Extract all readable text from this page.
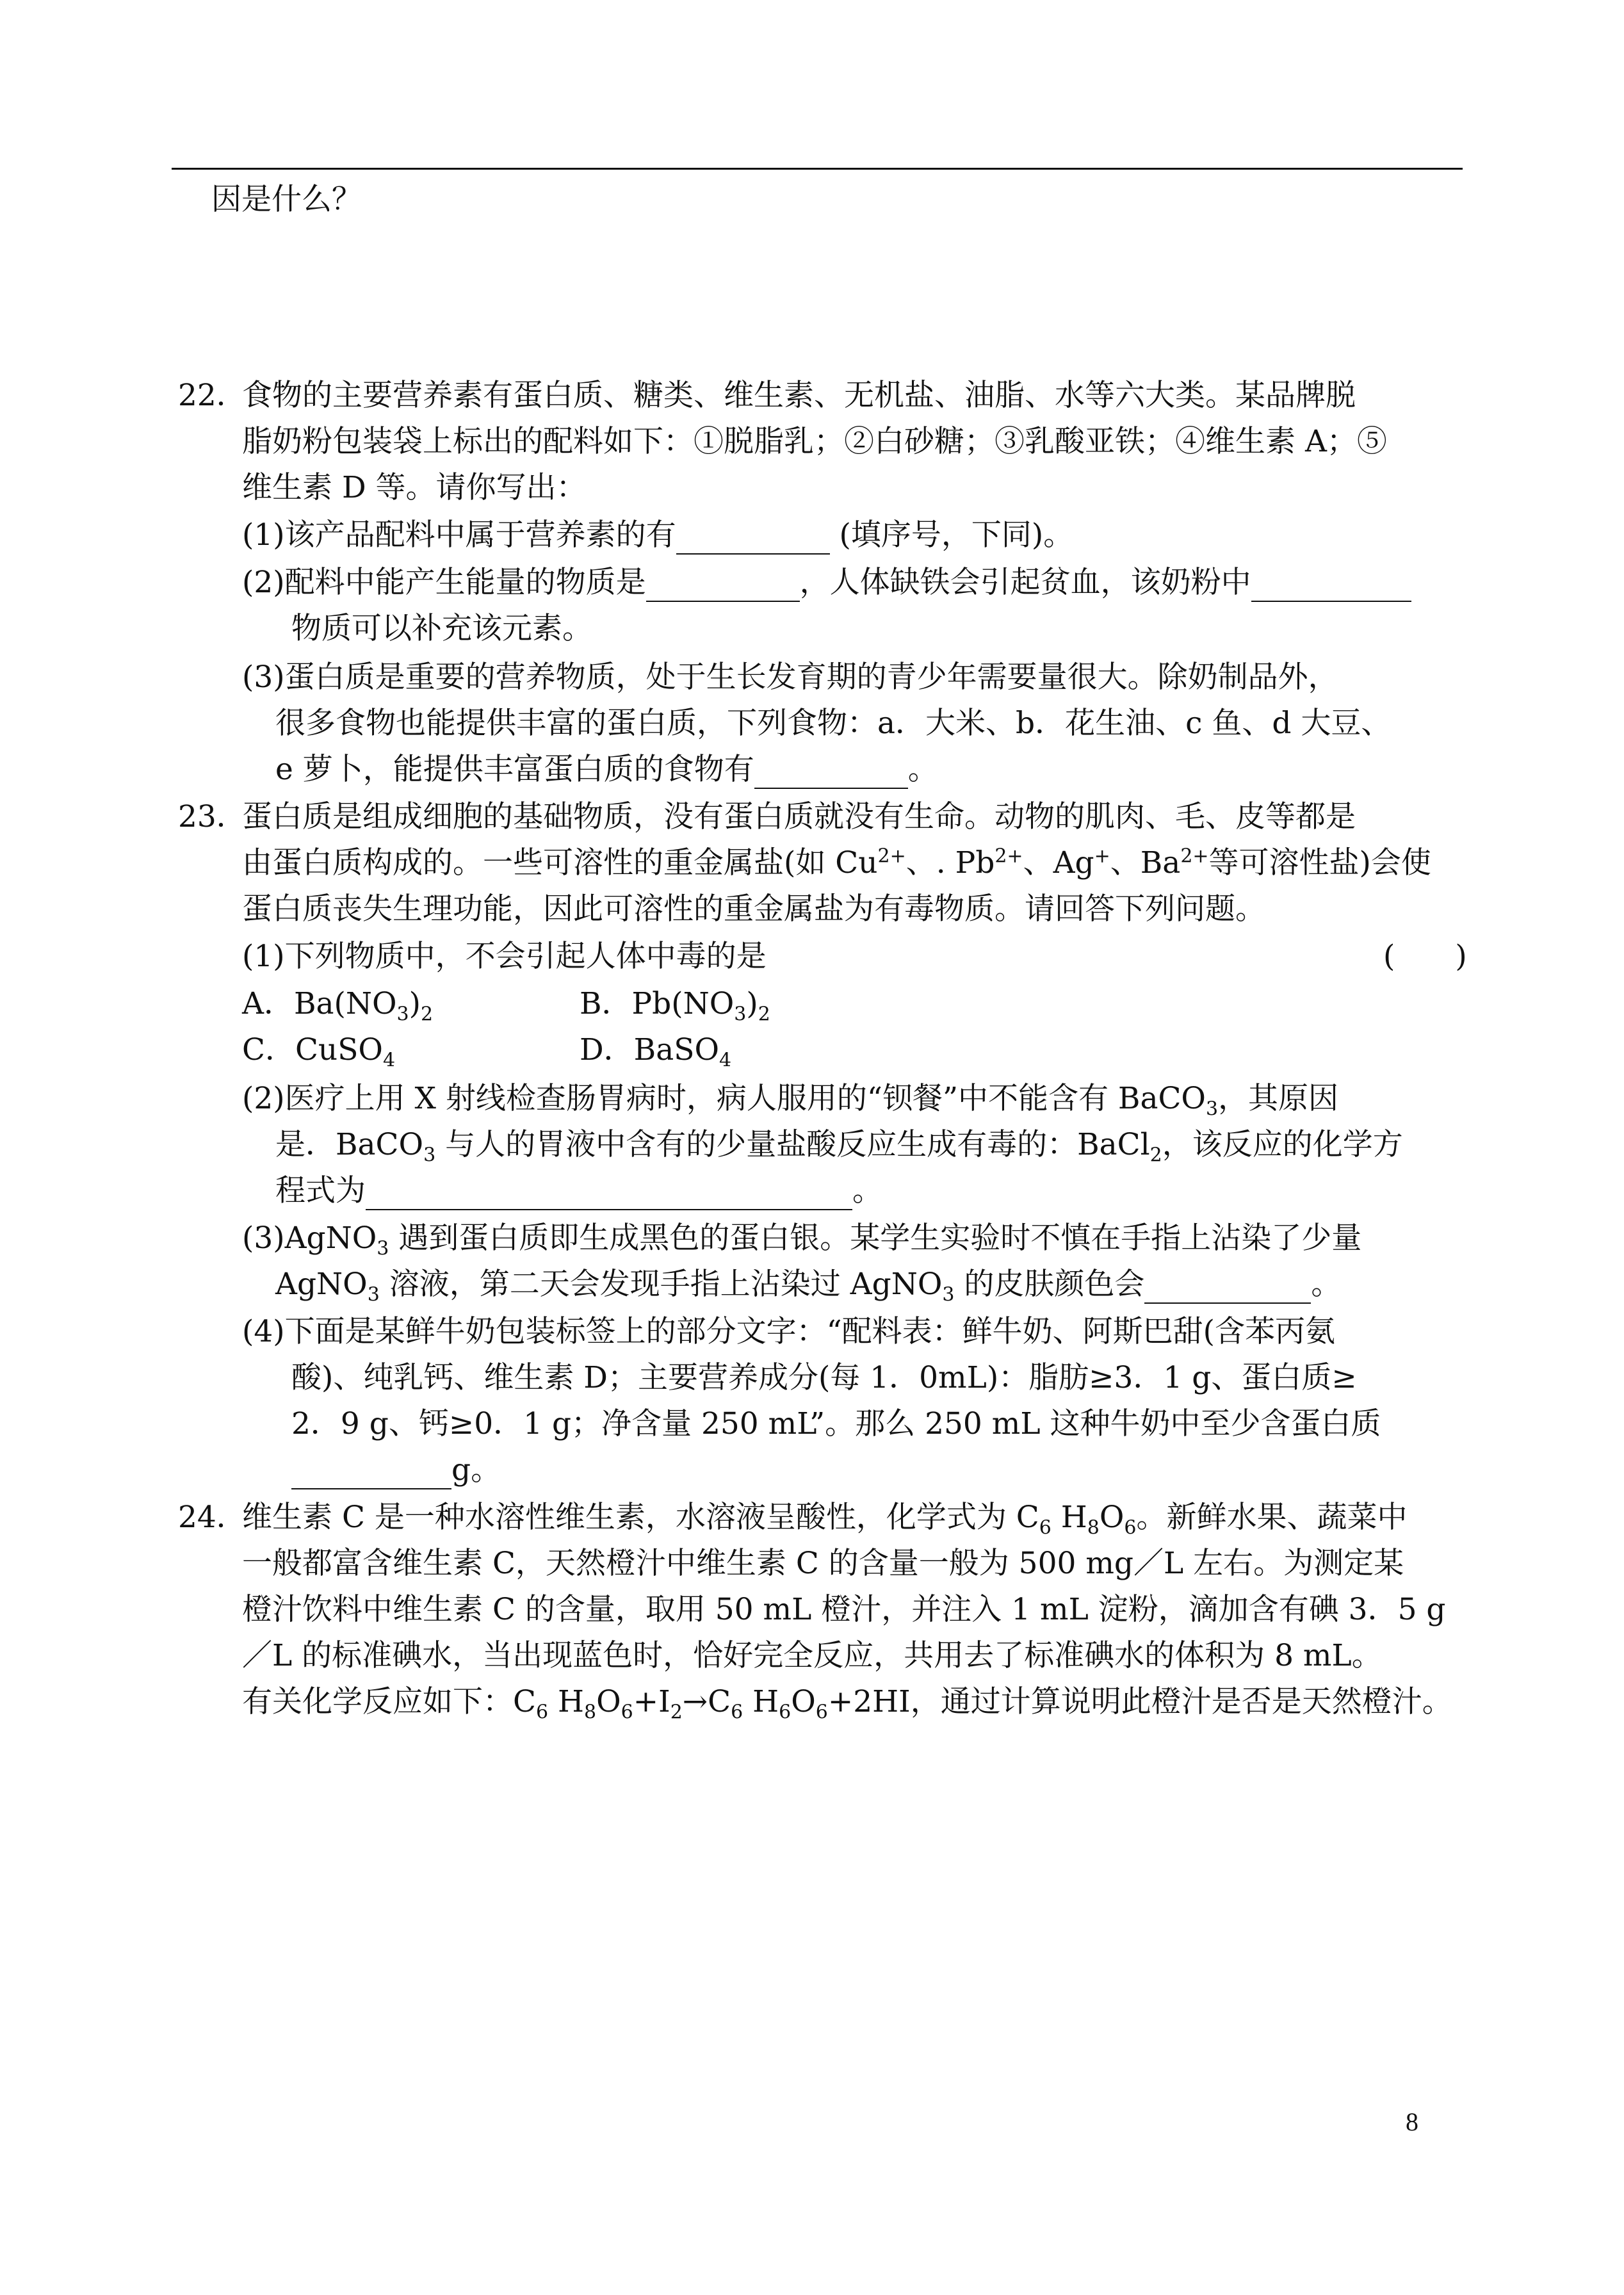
因是什么？
22．
食物的主要营养素有蛋白质、糖类、维生素、无机盐、油脂、水等六大类。某品牌脱
脂奶粉包装袋上标出的配料如下：①脱脂乳；②白砂糖；③乳酸亚铁；④维生素 A；⑤
维生素 D 等。请你写出：
(1)该产品配料中属于营养素的有	(填序号，下同)。
(2)配料中能产生能量的物质是	，人体缺铁会引起贫血，该奶粉中
物质可以补充该元素。
(3)蛋白质是重要的营养物质，处于生长发育期的青少年需要量很大。除奶制品外，
很多食物也能提供丰富的蛋白质，下列食物：a．大米、b．花生油、c 鱼、d 大豆、
e 萝卜，能提供丰富蛋白质的食物有	。
23．
蛋白质是组成细胞的基础物质，没有蛋白质就没有生命。动物的肌肉、毛、皮等都是
由蛋白质构成的。一些可溶性的重金属盐(如 $Cu^{2+}$、. $Pb^{2+}$、Ag+、$Ba^{2+}$等可溶性盐)会使
蛋白质丧失生理功能，因此可溶性的重金属盐为有毒物质。请回答下列问题。
(1)下列物质中，不会引起人体中毒的是	(　　)
A．$Ba(NO_3)_2$	B．$Pb(NO_3)_2$
C．CuSO$_4$	D．BaSO$_4$
(2)医疗上用 X 射线检查肠胃病时，病人服用的“钡餐”中不能含有 BaCO$_3$，其原因
是．BaCO$_3$ 与人的胃液中含有的少量盐酸反应生成有毒的：BaCl$_2$，该反应的化学方
程式为	。
(3)AgNO$_3$ 遇到蛋白质即生成黑色的蛋白银。某学生实验时不慎在手指上沾染了少量
AgNO$_3$ 溶液，第二天会发现手指上沾染过 AgNO$_3$ 的皮肤颜色会	。
(4)下面是某鲜牛奶包装标签上的部分文字：“配料表：鲜牛奶、阿斯巴甜(含苯丙氨
酸)、纯乳钙、维生素 D；主要营养成分(每 1．0mL)：脂肪≥3．1 g、蛋白质≥
2．9 g、钙≥0．1 g；净含量 250 mL”。那么 250 mL 这种牛奶中至少含蛋白质
g。
24．
维生素 C 是一种水溶性维生素，水溶液呈酸性，化学式为 $C_6$ $H_8O_6$。新鲜水果、蔬菜中
一般都富含维生素 C，天然橙汁中维生素 C 的含量一般为 500 mg／L 左右。为测定某
橙汁饮料中维生素 C 的含量，取用 50 mL 橙汁，并注入 1 mL 淀粉，滴加含有碘 3．5 g
／L 的标准碘水，当出现蓝色时，恰好完全反应，共用去了标准碘水的体积为 8 mL。
有关化学反应如下：$C_6$ $H_8O_6+I_2\to C_6$ $H_6O_6+2HI$，通过计算说明此橙汁是否是天然橙汁。
8
